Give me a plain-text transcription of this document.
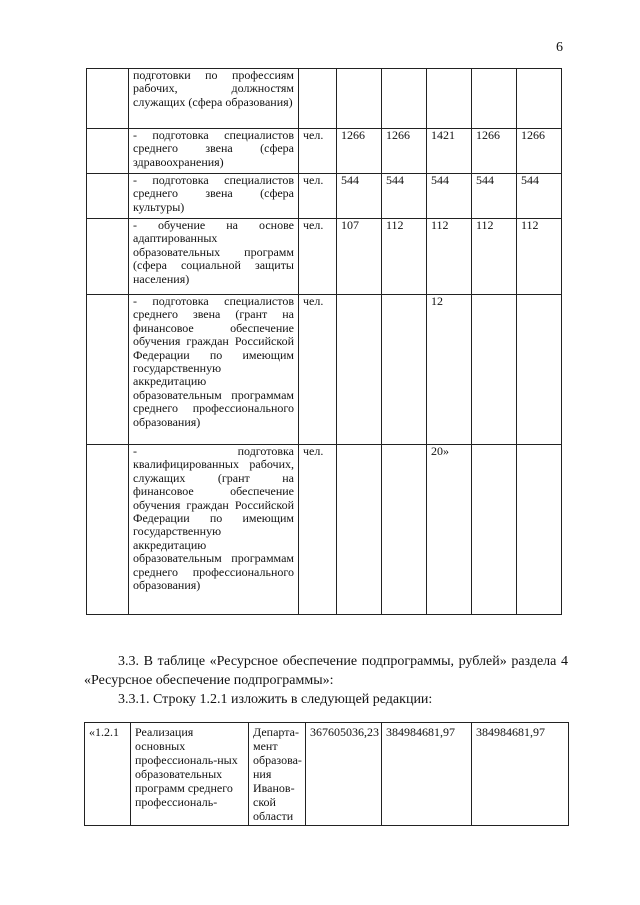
6
	подготовки по профессиям рабочих, должностям служащих (сфера образования)						
	- подготовка специалистов среднего звена (сфера здравоохранения)	чел.	1266	1266	1421	1266	1266
	- подготовка специалистов среднего звена (сфера культуры)	чел.	544	544	544	544	544
	- обучение на основе адаптированных образовательных программ (сфера социальной защиты населения)	чел.	107	112	112	112	112
	- подготовка специалистов среднего звена (грант на финансовое обеспечение обучения граждан Российской Федерации по имеющим государственную аккредитацию образовательным программам среднего профессионального образования)	чел.			12		
	- подготовка квалифицированных рабочих, служащих (грант на финансовое обеспечение обучения граждан Российской Федерации по имеющим государственную аккредитацию образовательным программам среднего профессионального образования)	чел.			20»		
3.3. В таблице «Ресурсное обеспечение подпрограммы, рублей» раздела 4 «Ресурсное обеспечение подпрограммы»:
3.3.1. Строку 1.2.1 изложить в следующей редакции:
«1.2.1	Реализация основных профессиональ-ных образовательных программ среднего профессиональ-	Департа-мент образова-ния Иванов-ской области	367605036,23	384984681,97	384984681,97
